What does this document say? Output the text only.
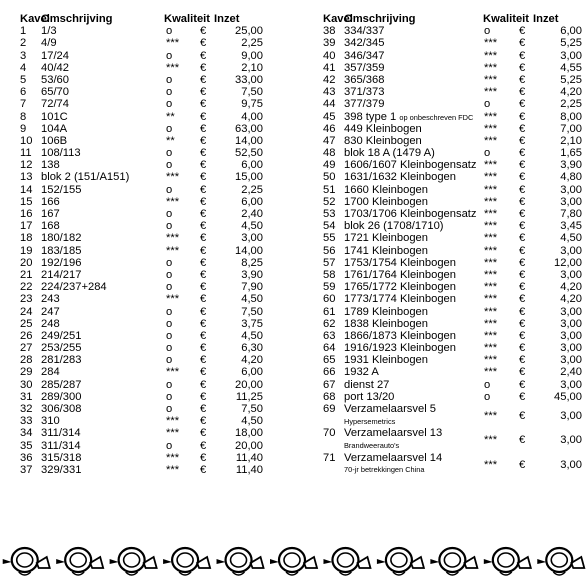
Kavel
Omschrijving	Kwaliteit Inzet
1 1/3	o €	25,00
2 4/9	*** €	2,25
3 17/24	o €	9,00
4 40/42	*** €	2,10
5 53/60	o €	33,00
6 65/70	o €	7,50
7 72/74	o €	9,75
8 101C	** €	4,00
9 104A	o €	63,00
10 106B	** €	14,00
11 108/113	o €	52,50
12 138	o €	6,00
13 blok 2 (151/A151)	*** €	15,00
14 152/155	o €	2,25
15 166	*** €	6,00
16 167	o €	2,40
17 168	o €	4,50
18 180/182	*** €	3,00
19 183/185	*** €	14,00
20 192/196	o €	8,25
21 214/217	o €	3,90
22 224/237+284	o €	7,90
23 243	*** €	4,50
24 247	o €	7,50
25 248	o €	3,75
26 249/251	o €	4,50
27 253/255	o €	6,30
28 281/283	o €	4,20
29 284	*** €	6,00
30 285/287	o €	20,00
31 289/300	o €	11,25
32 306/308	o €	7,50
33 310	*** €	4,50
34 311/314	*** €	18,00
35 311/314	o €	20,00
36 315/318	*** €	11,40
37 329/331	*** €	11,40
Kavel
Omschrijving	Kwaliteit Inzet
38 334/337	o	€	6,00
39 342/345	*** €	5,25
40 346/347	*** €	3,00
41 357/359	*** €	4,55
42 365/368	*** €	5,25
43 371/373	*** €	4,20
44 377/379	o	€	2,25
45 398 type 1 op onbeschreven FDC *** €	8,00
46 449 Kleinbogen	*** €	7,00
47 830 Kleinbogen	*** €	2,10
48 blok 18 A (1479 A)	o	€	1,65
49 1606/1607 Kleinbogensatz *** €	3,90
50 1631/1632 Kleinbogen	*** €	4,80
51 1660 Kleinbogen	*** €	3,00
52 1700 Kleinbogen	*** €	3,00
53 1703/1706 Kleinbogensatz *** €	7,80
54 blok 26 (1708/1710)	*** €	3,45
55 1721 Kleinbogen	*** €	4,50
56 1741 Kleinbogen	*** €	3,00
57 1753/1754 Kleinbogen	*** €	12,00
58 1761/1764 Kleinbogen	*** €	3,00
59 1765/1772 Kleinbogen	*** €	4,20
60 1773/1774 Kleinbogen	*** €	4,20
61 1789 Kleinbogen	*** €	3,00
62 1838 Kleinbogen	*** €	3,00
63 1866/1873 Kleinbogen	*** €	3,00
64 1916/1923 Kleinbogen	*** €	3,00
65 1931 Kleinbogen	*** €	3,00
66 1932 A	*** €	2,40
67 dienst 27	o	€	3,00
68 port 13/20	o	€	45,00
69 Verzamelaarsvel 5
Hypersemetrics	*** €	3,00
70 Verzamelaarsvel 13
Brandweerauto's	*** €	3,00
71 Verzamelaarsvel 14
70-jr betrekkingen China	*** €	3,00
